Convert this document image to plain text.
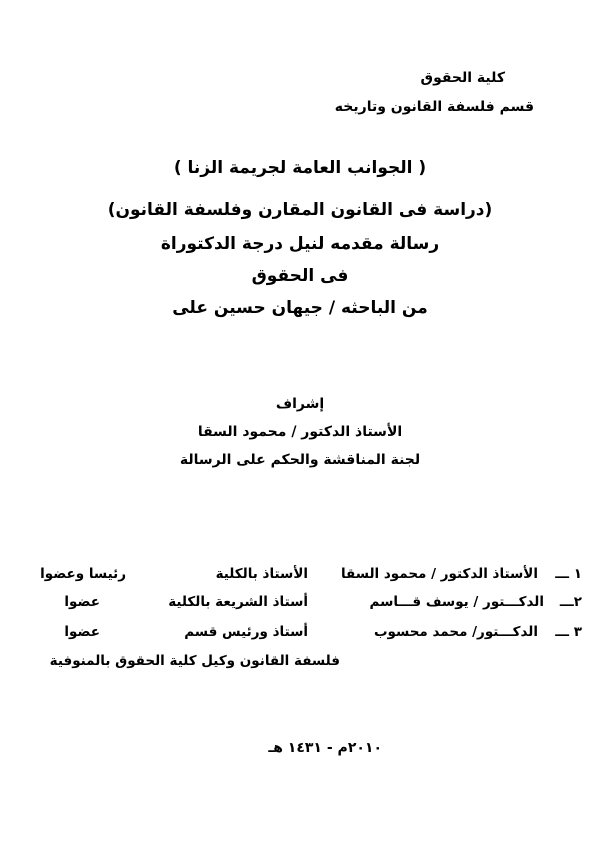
كلية الحقوق
قسم فلسفة القانون وتاريخه
( الجوانب العامة لجريمة الزنا )
(دراسة فى القانون المقارن وفلسفة القانون)
رسالة مقدمه لنيل درجة الدكتوراة
فى الحقوق
من الباحثه / جيهان حسين على
إشراف
الأستاذ الدكتور / محمود السقا
لجنة المناقشة والحكم على الرسالة
١ ـــ
الأستاذ الدكتور / محمود السقا
الأستاذ بالكلية
رئيسا وعضوا
٢ـــ
الدكـــتور / يوسف قـــاسم
أستاذ الشريعة بالكلية
عضوا
٣ ـــ
الدكـــتور/ محمد محسوب
أستاذ ورئيس قسم
عضوا
فلسفة القانون وكيل كلية الحقوق بالمنوفية
٢٠١٠م - ١٤٣١ هـ
